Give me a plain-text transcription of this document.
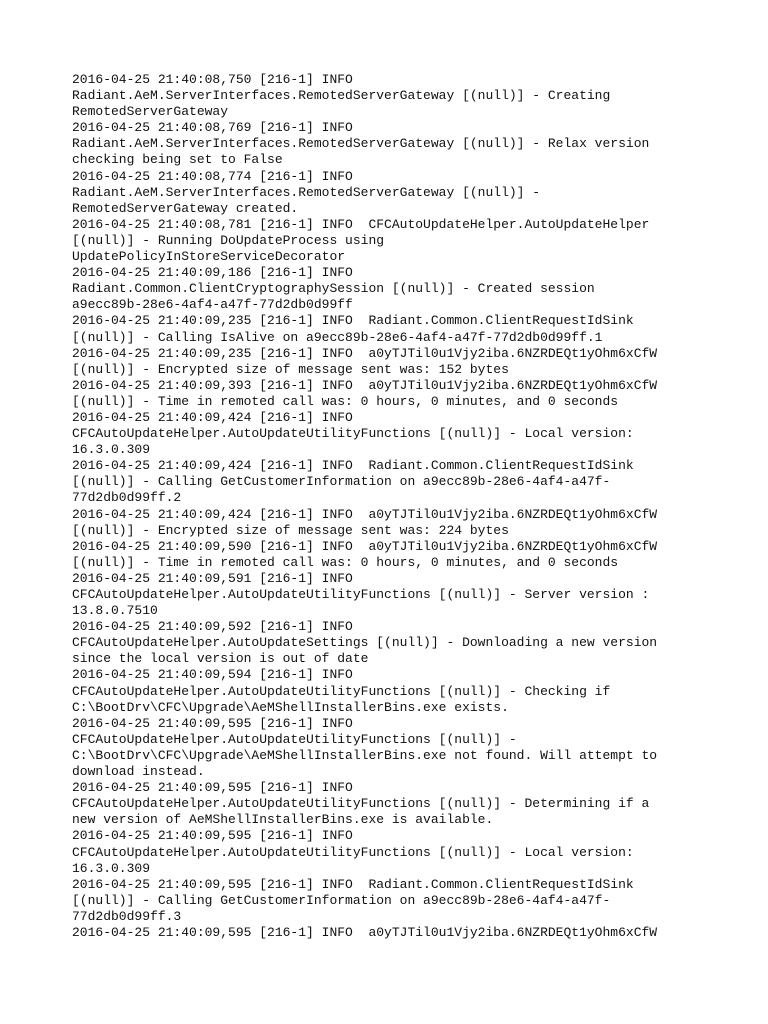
2016-04-25 21:40:08,750 [216-1] INFO
Radiant.AeM.ServerInterfaces.RemotedServerGateway [(null)] - Creating
RemotedServerGateway
2016-04-25 21:40:08,769 [216-1] INFO
Radiant.AeM.ServerInterfaces.RemotedServerGateway [(null)] - Relax version
checking being set to False
2016-04-25 21:40:08,774 [216-1] INFO
Radiant.AeM.ServerInterfaces.RemotedServerGateway [(null)] -
RemotedServerGateway created.
2016-04-25 21:40:08,781 [216-1] INFO  CFCAutoUpdateHelper.AutoUpdateHelper
[(null)] - Running DoUpdateProcess using
UpdatePolicyInStoreServiceDecorator
2016-04-25 21:40:09,186 [216-1] INFO
Radiant.Common.ClientCryptographySession [(null)] - Created session
a9ecc89b-28e6-4af4-a47f-77d2db0d99ff
2016-04-25 21:40:09,235 [216-1] INFO  Radiant.Common.ClientRequestIdSink
[(null)] - Calling IsAlive on a9ecc89b-28e6-4af4-a47f-77d2db0d99ff.1
2016-04-25 21:40:09,235 [216-1] INFO  a0yTJTil0u1Vjy2iba.6NZRDEQt1yOhm6xCfW
[(null)] - Encrypted size of message sent was: 152 bytes
2016-04-25 21:40:09,393 [216-1] INFO  a0yTJTil0u1Vjy2iba.6NZRDEQt1yOhm6xCfW
[(null)] - Time in remoted call was: 0 hours, 0 minutes, and 0 seconds
2016-04-25 21:40:09,424 [216-1] INFO
CFCAutoUpdateHelper.AutoUpdateUtilityFunctions [(null)] - Local version:
16.3.0.309
2016-04-25 21:40:09,424 [216-1] INFO  Radiant.Common.ClientRequestIdSink
[(null)] - Calling GetCustomerInformation on a9ecc89b-28e6-4af4-a47f-
77d2db0d99ff.2
2016-04-25 21:40:09,424 [216-1] INFO  a0yTJTil0u1Vjy2iba.6NZRDEQt1yOhm6xCfW
[(null)] - Encrypted size of message sent was: 224 bytes
2016-04-25 21:40:09,590 [216-1] INFO  a0yTJTil0u1Vjy2iba.6NZRDEQt1yOhm6xCfW
[(null)] - Time in remoted call was: 0 hours, 0 minutes, and 0 seconds
2016-04-25 21:40:09,591 [216-1] INFO
CFCAutoUpdateHelper.AutoUpdateUtilityFunctions [(null)] - Server version :
13.8.0.7510
2016-04-25 21:40:09,592 [216-1] INFO
CFCAutoUpdateHelper.AutoUpdateSettings [(null)] - Downloading a new version
since the local version is out of date
2016-04-25 21:40:09,594 [216-1] INFO
CFCAutoUpdateHelper.AutoUpdateUtilityFunctions [(null)] - Checking if
C:\BootDrv\CFC\Upgrade\AeMShellInstallerBins.exe exists.
2016-04-25 21:40:09,595 [216-1] INFO
CFCAutoUpdateHelper.AutoUpdateUtilityFunctions [(null)] -
C:\BootDrv\CFC\Upgrade\AeMShellInstallerBins.exe not found. Will attempt to
download instead.
2016-04-25 21:40:09,595 [216-1] INFO
CFCAutoUpdateHelper.AutoUpdateUtilityFunctions [(null)] - Determining if a
new version of AeMShellInstallerBins.exe is available.
2016-04-25 21:40:09,595 [216-1] INFO
CFCAutoUpdateHelper.AutoUpdateUtilityFunctions [(null)] - Local version:
16.3.0.309
2016-04-25 21:40:09,595 [216-1] INFO  Radiant.Common.ClientRequestIdSink
[(null)] - Calling GetCustomerInformation on a9ecc89b-28e6-4af4-a47f-
77d2db0d99ff.3
2016-04-25 21:40:09,595 [216-1] INFO  a0yTJTil0u1Vjy2iba.6NZRDEQt1yOhm6xCfW
